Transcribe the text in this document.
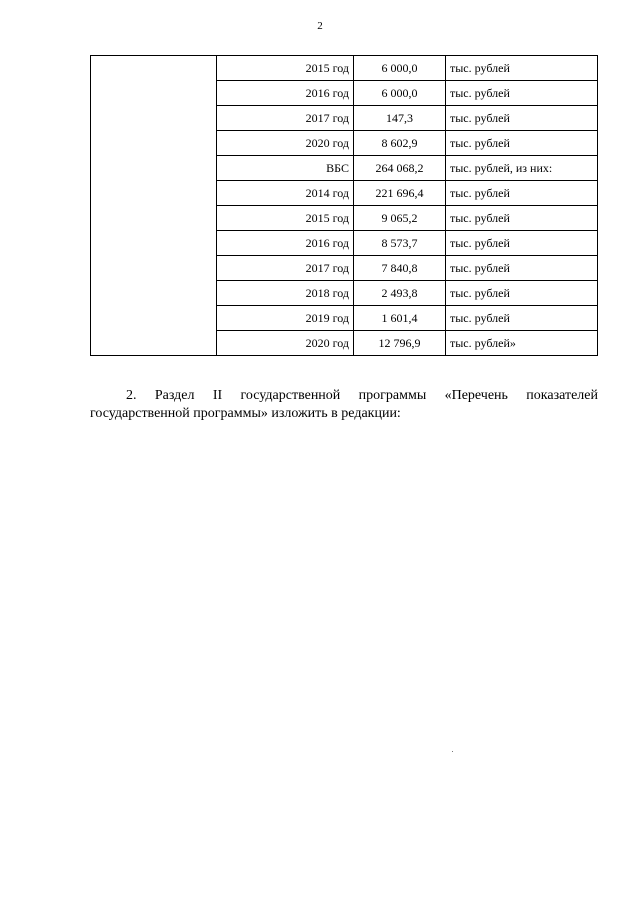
2
	2015 год	6 000,0	тыс. рублей
	2016 год	6 000,0	тыс. рублей
	2017 год	147,3	тыс. рублей
	2020 год	8 602,9	тыс. рублей
	ВБС	264 068,2	тыс. рублей, из них:
	2014 год	221 696,4	тыс. рублей
	2015 год	9 065,2	тыс. рублей
	2016 год	8 573,7	тыс. рублей
	2017 год	7 840,8	тыс. рублей
	2018 год	2 493,8	тыс. рублей
	2019 год	1 601,4	тыс. рублей
	2020 год	12 796,9	тыс. рублей»

2. Раздел II государственной программы «Перечень показателей государственной программы» изложить в редакции:
